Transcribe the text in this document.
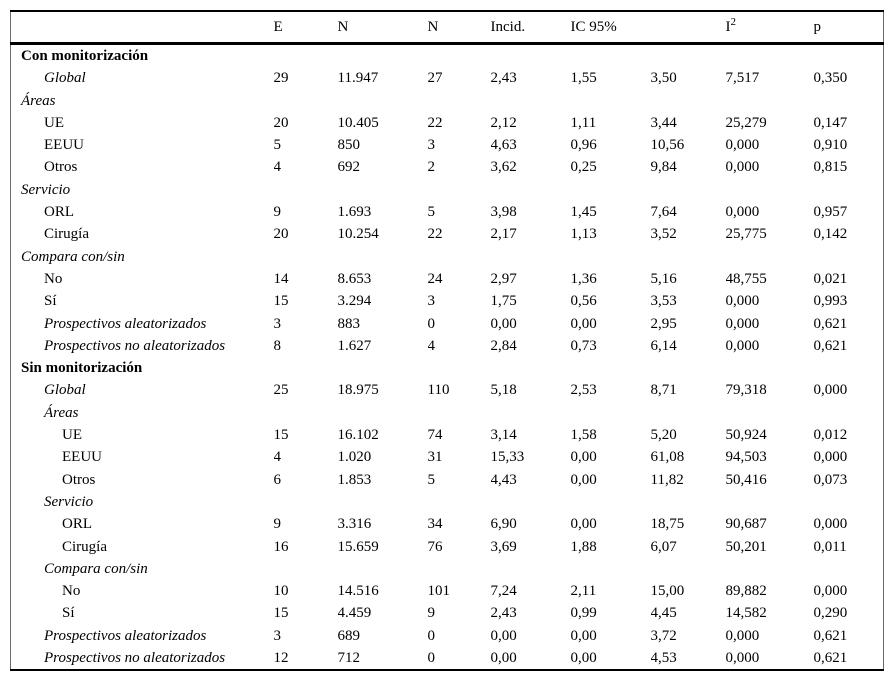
	E	N	N	Incid.	IC 95%		$I^2$	p
Con monitorización								
Global	29	11.947	27	2,43	1,55	3,50	7,517	0,350
Áreas								
UE	20	10.405	22	2,12	1,11	3,44	25,279	0,147
EEUU	5	850	3	4,63	0,96	10,56	0,000	0,910
Otros	4	692	2	3,62	0,25	9,84	0,000	0,815
Servicio								
ORL	9	1.693	5	3,98	1,45	7,64	0,000	0,957
Cirugía	20	10.254	22	2,17	1,13	3,52	25,775	0,142
Compara con/sin								
No	14	8.653	24	2,97	1,36	5,16	48,755	0,021
Sí	15	3.294	3	1,75	0,56	3,53	0,000	0,993
Prospectivos aleatorizados	3	883	0	0,00	0,00	2,95	0,000	0,621
Prospectivos no aleatorizados	8	1.627	4	2,84	0,73	6,14	0,000	0,621
Sin monitorización								
Global	25	18.975	110	5,18	2,53	8,71	79,318	0,000
Áreas								
UE	15	16.102	74	3,14	1,58	5,20	50,924	0,012
EEUU	4	1.020	31	15,33	0,00	61,08	94,503	0,000
Otros	6	1.853	5	4,43	0,00	11,82	50,416	0,073
Servicio								
ORL	9	3.316	34	6,90	0,00	18,75	90,687	0,000
Cirugía	16	15.659	76	3,69	1,88	6,07	50,201	0,011
Compara con/sin								
No	10	14.516	101	7,24	2,11	15,00	89,882	0,000
Sí	15	4.459	9	2,43	0,99	4,45	14,582	0,290
Prospectivos aleatorizados	3	689	0	0,00	0,00	3,72	0,000	0,621
Prospectivos no aleatorizados	12	712	0	0,00	0,00	4,53	0,000	0,621
